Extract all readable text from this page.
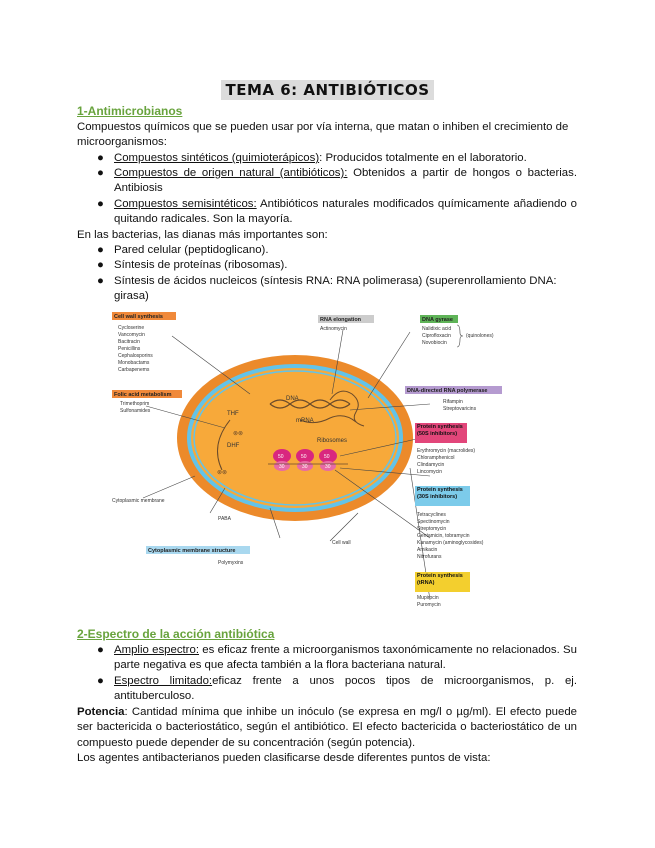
TEMA 6: ANTIBIÓTICOS
1-Antimicrobianos
Compuestos químicos que se pueden usar por vía interna, que matan o inhiben el crecimiento de microorganismos:
● Compuestos sintéticos (quimioterápicos): Producidos totalmente en el laboratorio.
● Compuestos de origen natural (antibióticos): Obtenidos a partir de hongos o bacterias. Antibiosis
● Compuestos semisintéticos: Antibióticos naturales modificados químicamente añadiendo o quitando radicales. Son la mayoría.
En las bacterias, las dianas más importantes son:
● Pared celular (peptidoglicano).
● Síntesis de proteínas (ribosomas).
● Síntesis de ácidos nucleicos (síntesis RNA: RNA polimerasa) (superenrollamiento DNA: girasa)
DNA
mRNA
THF
DHF
⊗⊗
⊗⊗
Ribosomes
50
30
50
30
50
30
Cell wall synthesis
Cycloserine
Vancomycin
Bacitracin
Penicillins
Cephalosporins
Monobactams
Carbapenems
Folic acid metabolism
Trimethoprim
Sulfonamides
RNA elongation
Actinomycin
DNA gyrase
Nalidixic acid
Ciprofloxacin
Novobiocin
(quinolones)
DNA-directed RNA polymerase
Rifampin
Streptovaricins
Protein synthesis (50S inhibitors)
Erythromycin (macrolides)
Chloramphenicol
Clindamycin
Lincomycin
Protein synthesis (30S inhibitors)
Tetracyclines
Spectinomycin
Streptomycin
Gentamicin, tobramycin
Kanamycin (aminoglycosides)
Amikacin
Nitrofurans
Protein synthesis (tRNA)
Mupirocin
Puromycin
Cytoplasmic membrane structure
Polymyxins
Cytoplasmic membrane
PABA
Cell wall
2-Espectro de la acción antibiótica
● Amplio espectro: es eficaz frente a microorganismos taxonómicamente no relacionados. Su parte negativa es que afecta también a la flora bacteriana natural.
● Espectro limitado:eficaz frente a unos pocos tipos de microorganismos, p. ej. antituberculoso.
Potencia: Cantidad mínima que inhibe un inóculo (se expresa en mg/l o µg/ml). El efecto puede ser bactericida o bacteriostático, según el antibiótico. El efecto bactericida o bacteriostático de un compuesto puede depender de su concentración (según potencia).
Los agentes antibacterianos pueden clasificarse desde diferentes puntos de vista:
